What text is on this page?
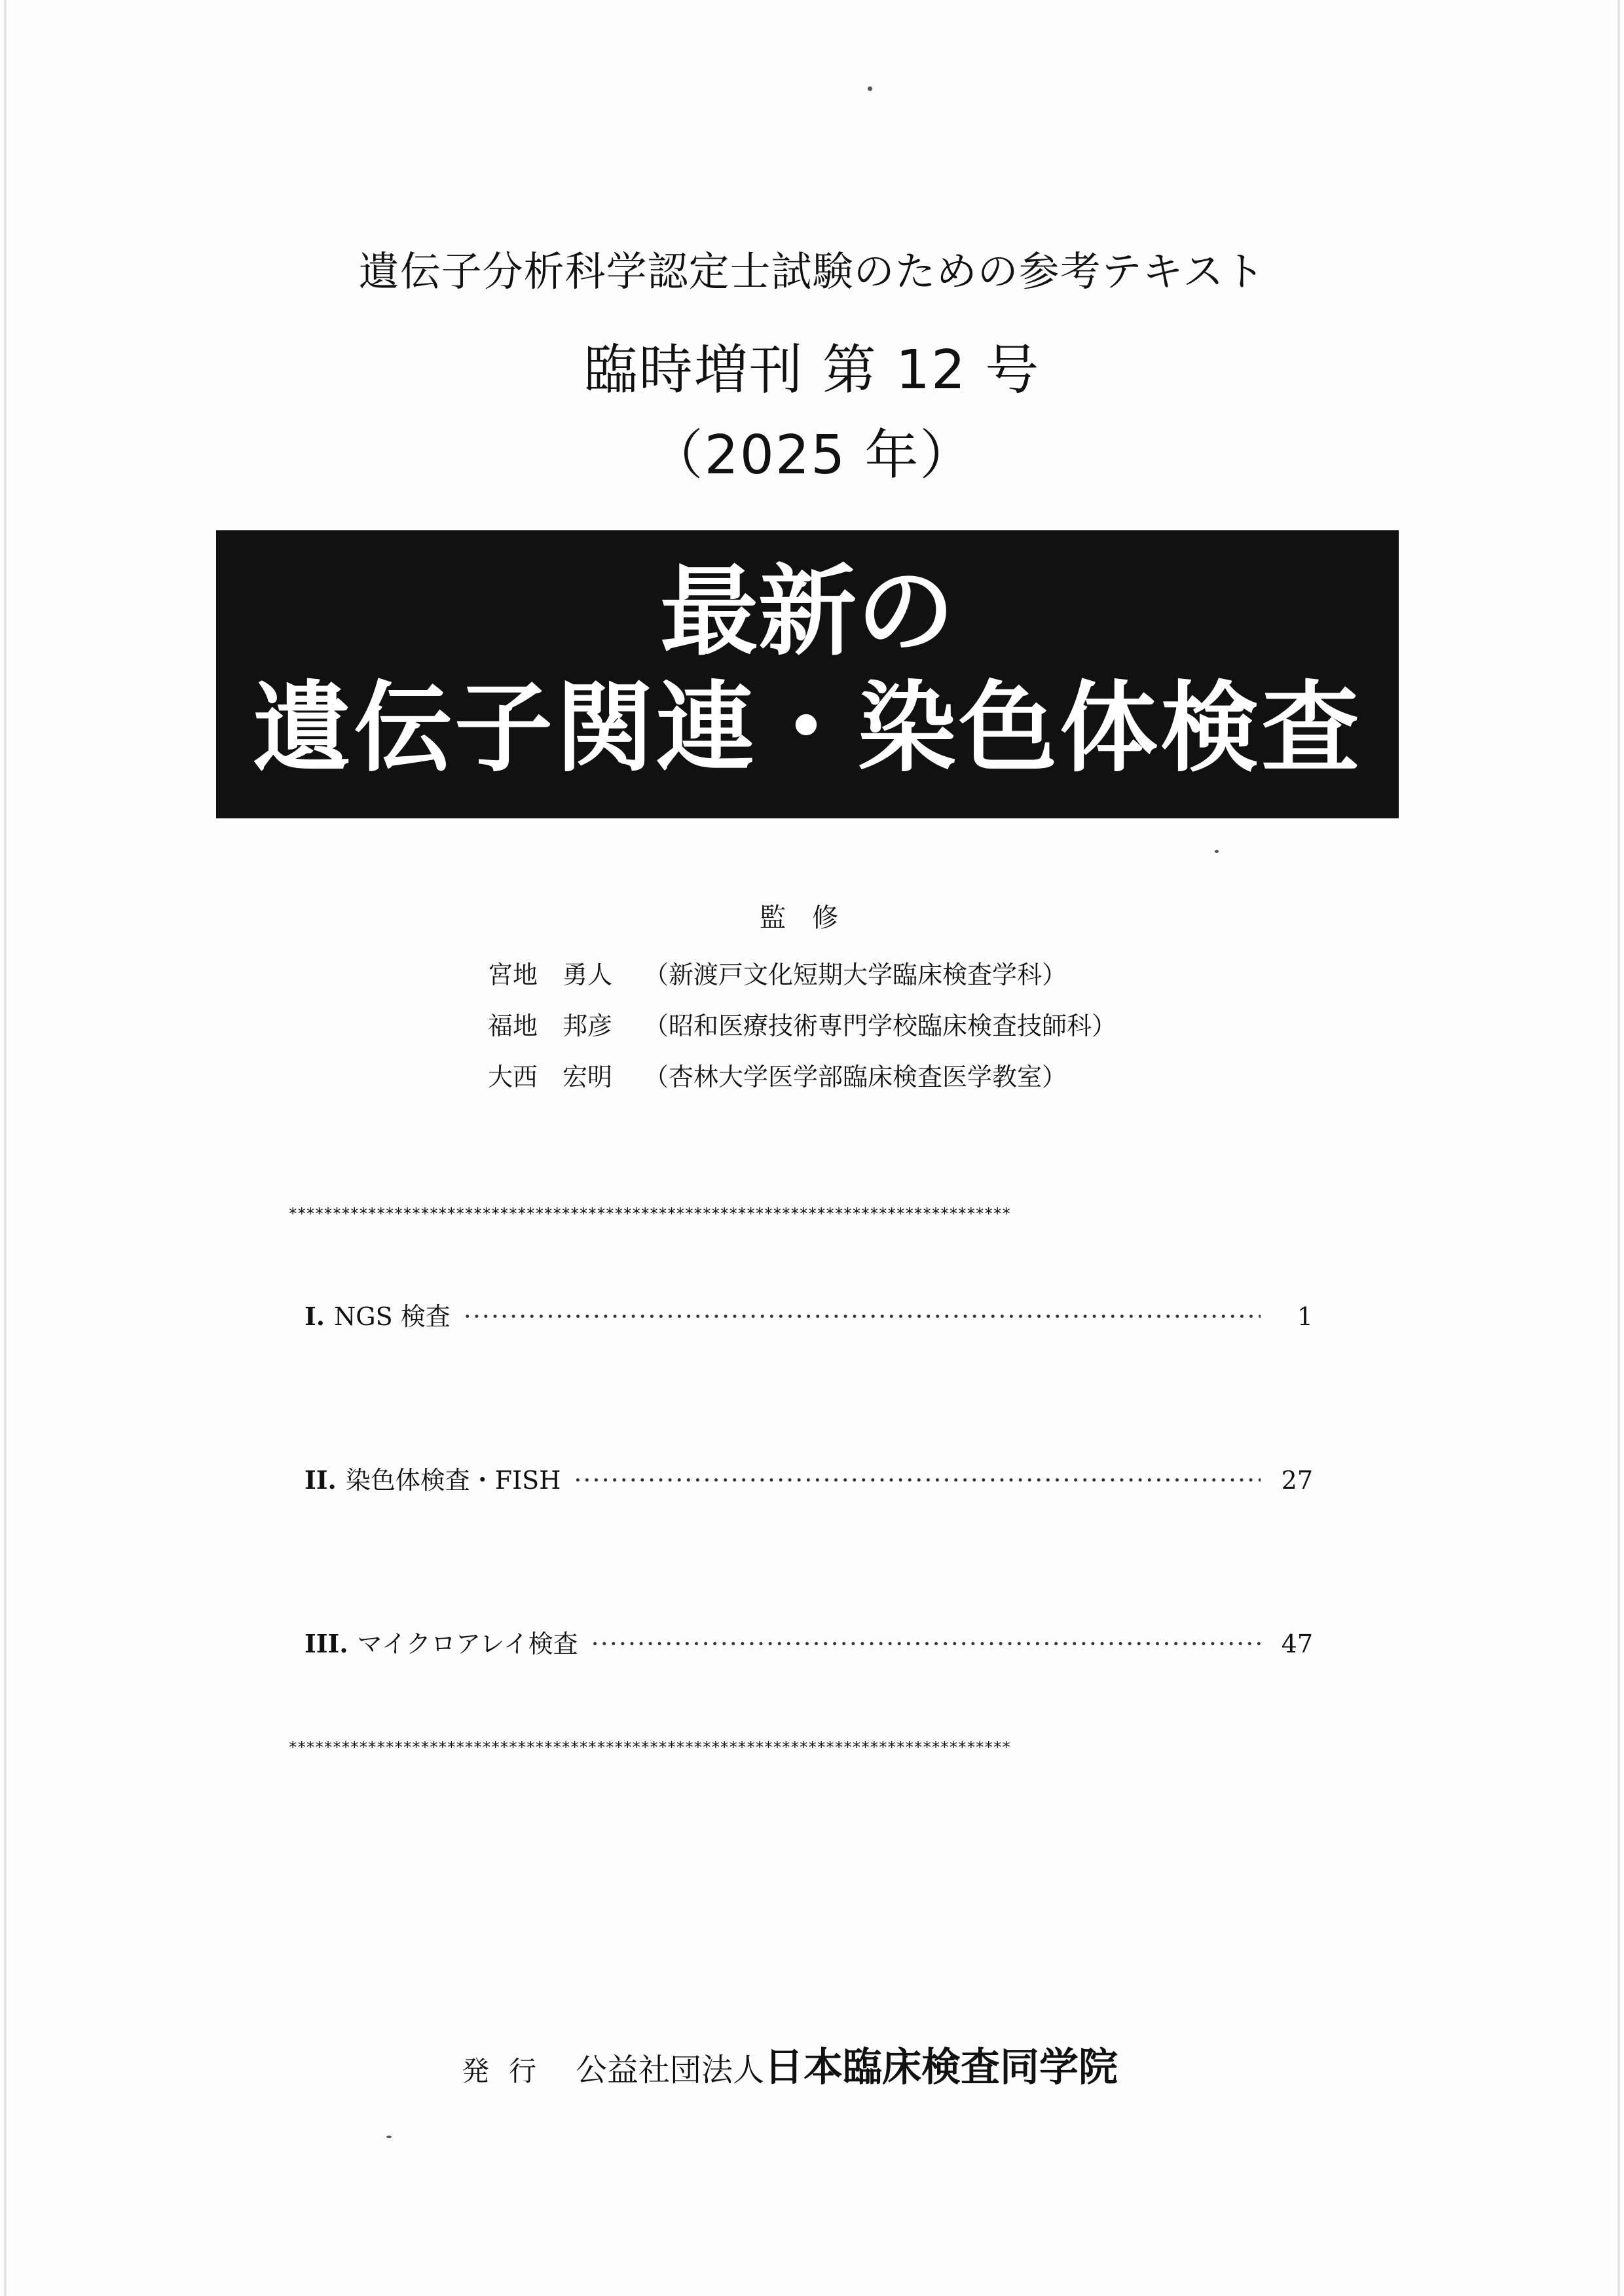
遺伝子分析科学認定士試験のための参考テキスト
臨時増刊 第 12 号
（2025 年）
最新の
遺伝子関連・染色体検査
監修
宮地　勇人 （新渡戸文化短期大学臨床検査学科）
福地　邦彦 （昭和医療技術専門学校臨床検査技師科）
大西　宏明 （杏林大学医学部臨床検査医学教室）
**********************************************************************************
I. NGS 検査 ·····	1
II. 染色体検査・FISH ·····	27
III. マイクロアレイ検査 ·····	47
**********************************************************************************
発行 公益社団法人 日本臨床検査同学院
